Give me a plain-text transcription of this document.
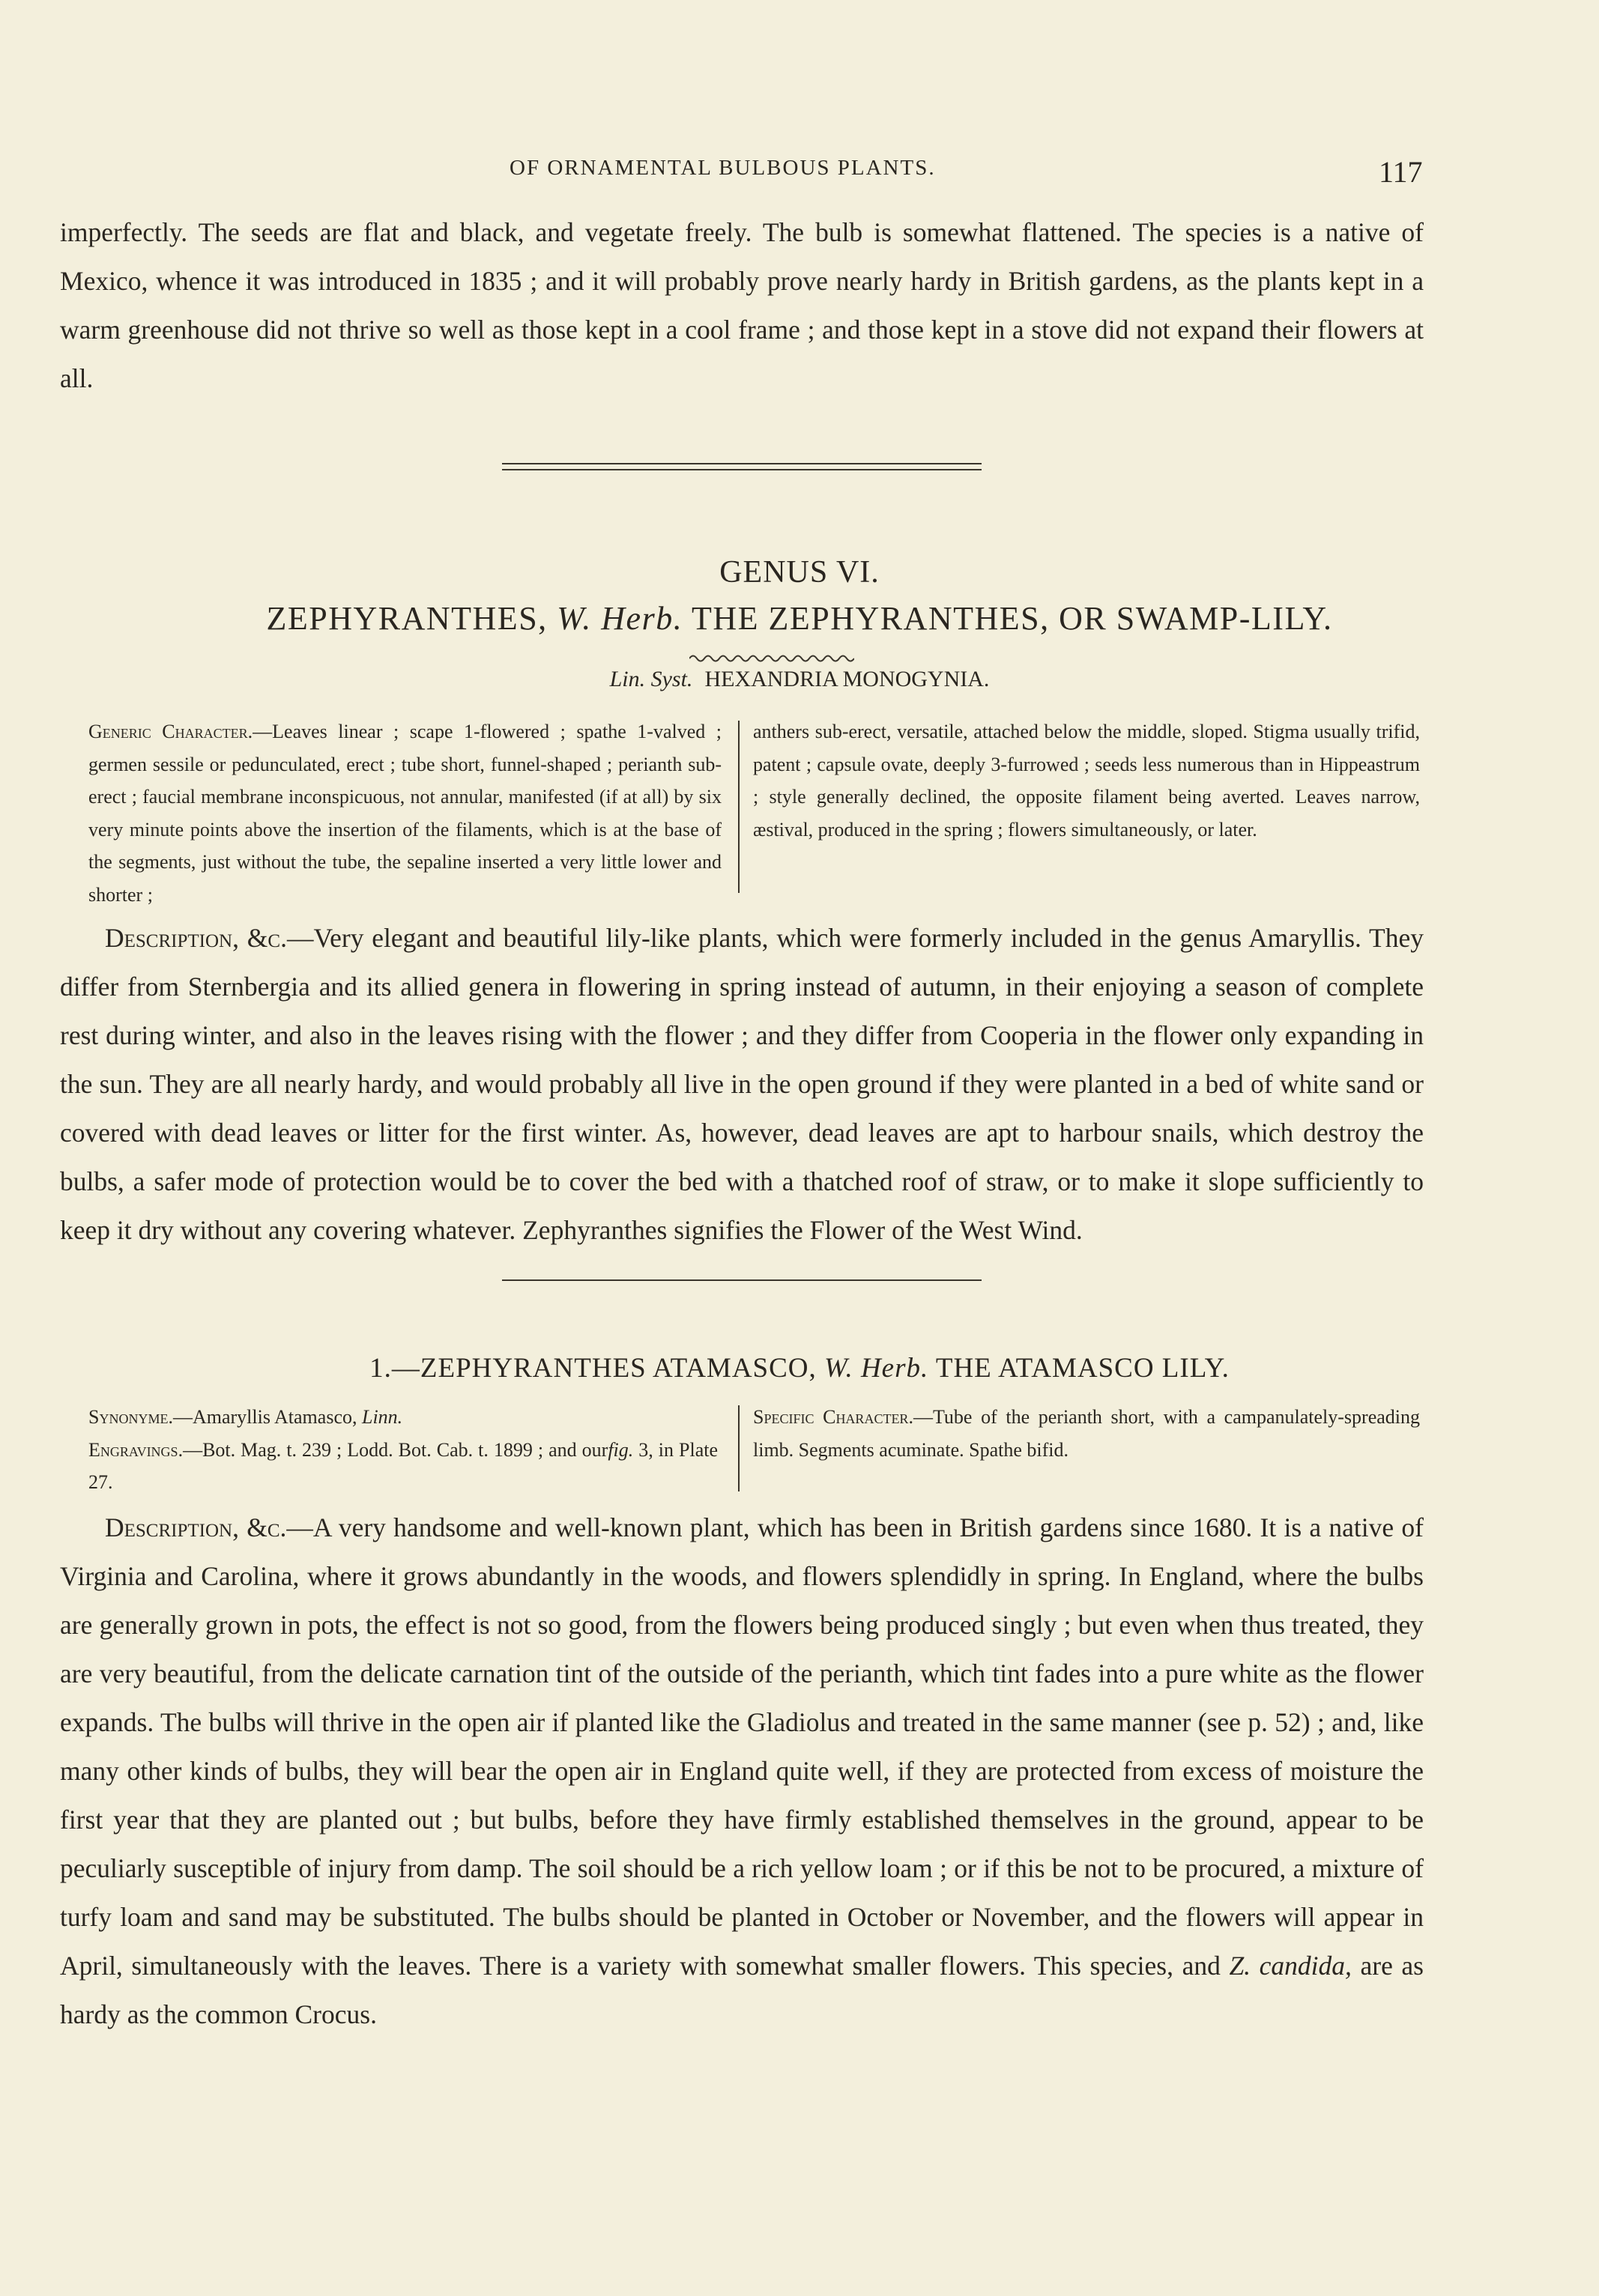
OF ORNAMENTAL BULBOUS PLANTS.	117
imperfectly. The seeds are flat and black, and vegetate freely. The bulb is somewhat flattened. The species is a native of Mexico, whence it was introduced in 1835 ; and it will probably prove nearly hardy in British gardens, as the plants kept in a warm greenhouse did not thrive so well as those kept in a cool frame ; and those kept in a stove did not expand their flowers at all.
GENUS VI.
ZEPHYRANTHES, W. Herb. THE ZEPHYRANTHES, OR SWAMP-LILY.
Lin. Syst. HEXANDRIA MONOGYNIA.
Generic Character.—Leaves linear ; scape 1-flowered ; spathe 1-valved ; germen sessile or pedunculated, erect ; tube short, funnel-shaped ; perianth sub-erect ; faucial membrane inconspicuous, not annular, manifested (if at all) by six very minute points above the insertion of the filaments, which is at the base of the segments, just without the tube, the sepaline inserted a very little lower and shorter ;
anthers sub-erect, versatile, attached below the middle, sloped. Stigma usually trifid, patent ; capsule ovate, deeply 3-furrowed ; seeds less numerous than in Hippeastrum ; style generally declined, the opposite filament being averted. Leaves narrow, æstival, produced in the spring ; flowers simultaneously, or later.
Description, &c.—Very elegant and beautiful lily-like plants, which were formerly included in the genus Amaryllis. They differ from Sternbergia and its allied genera in flowering in spring instead of autumn, in their enjoying a season of complete rest during winter, and also in the leaves rising with the flower ; and they differ from Cooperia in the flower only expanding in the sun. They are all nearly hardy, and would probably all live in the open ground if they were planted in a bed of white sand or covered with dead leaves or litter for the first winter. As, however, dead leaves are apt to harbour snails, which destroy the bulbs, a safer mode of protection would be to cover the bed with a thatched roof of straw, or to make it slope sufficiently to keep it dry without any covering whatever. Zephyranthes signifies the Flower of the West Wind.
1.—ZEPHYRANTHES ATAMASCO, W. Herb. THE ATAMASCO LILY.
Synonyme.—Amaryllis Atamasco, Linn.
Engravings.—Bot. Mag. t. 239 ; Lodd. Bot. Cab. t. 1899 ; and ourfig. 3, in Plate 27.
Specific Character.—Tube of the perianth short, with a campanulately-spreading limb. Segments acuminate. Spathe bifid.
Description, &c.—A very handsome and well-known plant, which has been in British gardens since 1680. It is a native of Virginia and Carolina, where it grows abundantly in the woods, and flowers splendidly in spring. In England, where the bulbs are generally grown in pots, the effect is not so good, from the flowers being produced singly ; but even when thus treated, they are very beautiful, from the delicate carnation tint of the outside of the perianth, which tint fades into a pure white as the flower expands. The bulbs will thrive in the open air if planted like the Gladiolus and treated in the same manner (see p. 52) ; and, like many other kinds of bulbs, they will bear the open air in England quite well, if they are protected from excess of moisture the first year that they are planted out ; but bulbs, before they have firmly established themselves in the ground, appear to be peculiarly susceptible of injury from damp. The soil should be a rich yellow loam ; or if this be not to be procured, a mixture of turfy loam and sand may be substituted. The bulbs should be planted in October or November, and the flowers will appear in April, simultaneously with the leaves. There is a variety with somewhat smaller flowers. This species, and Z. candida, are as hardy as the common Crocus.
